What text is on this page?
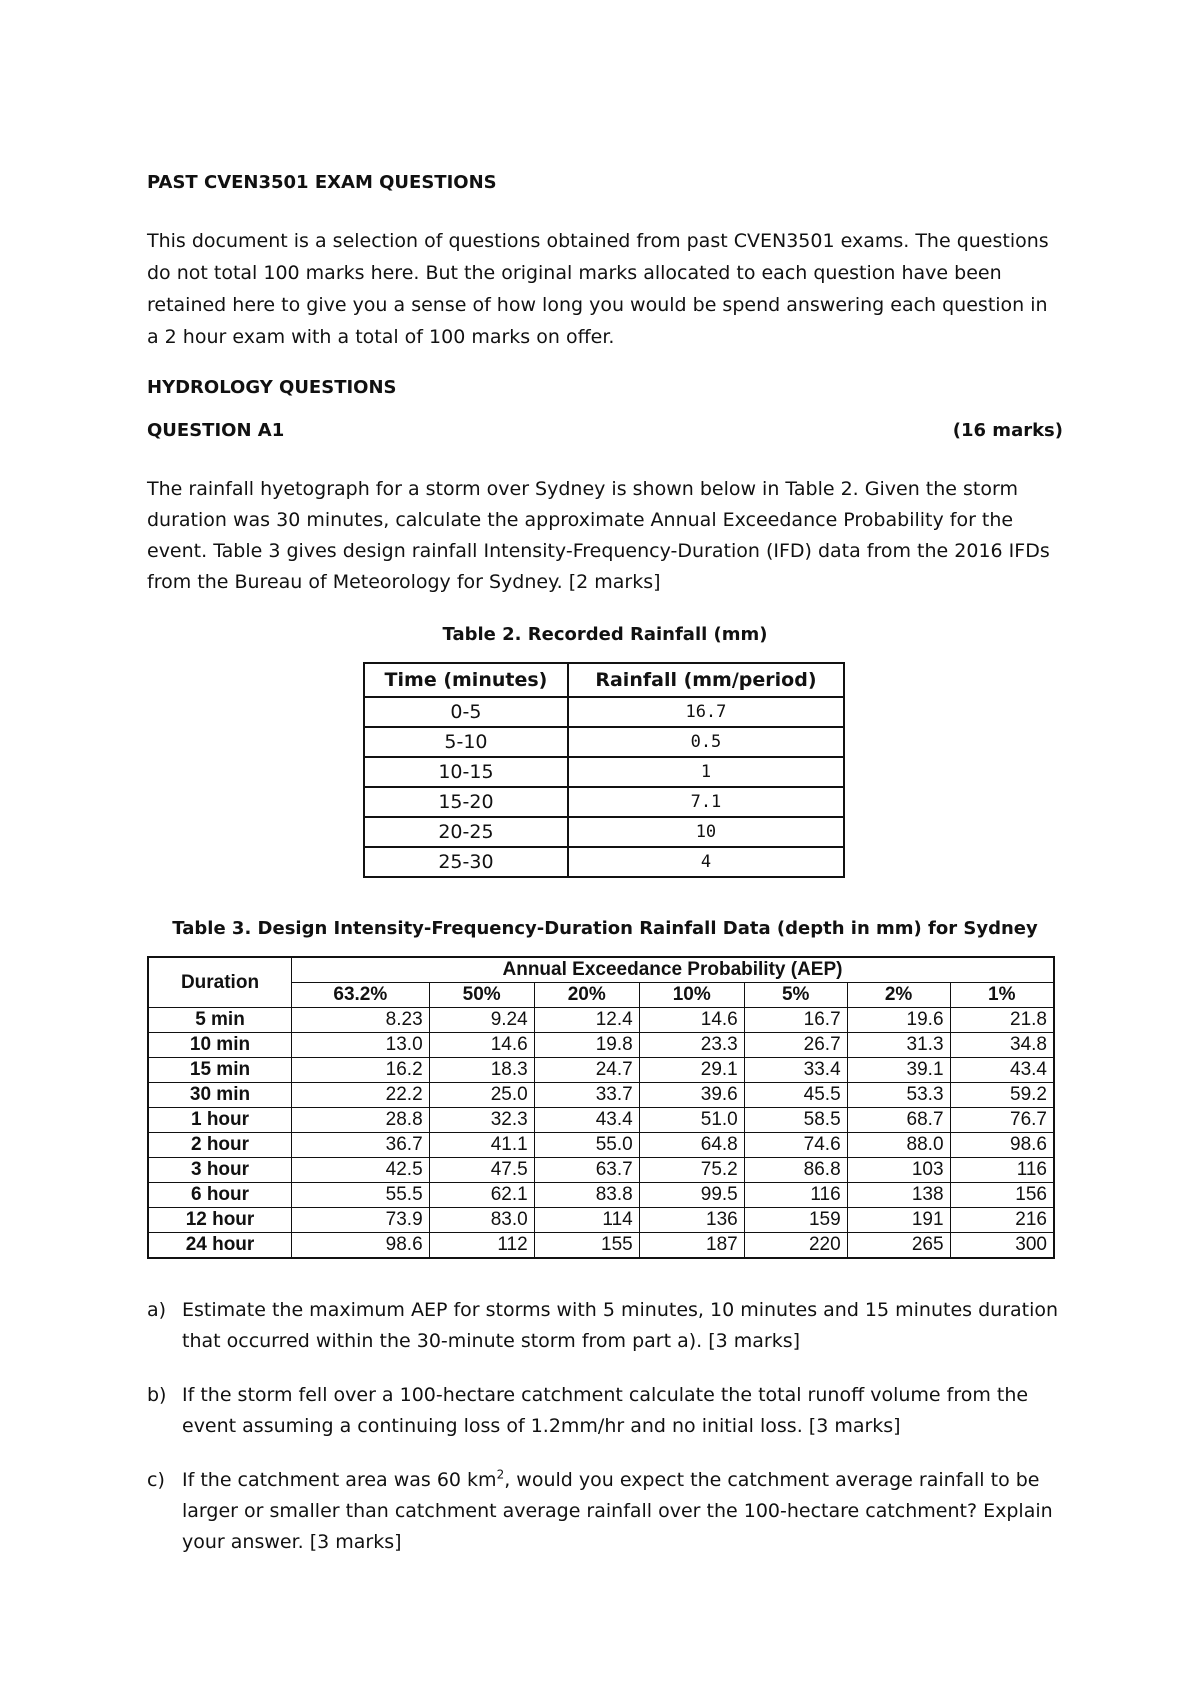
PAST CVEN3501 EXAM QUESTIONS
This document is a selection of questions obtained from past CVEN3501 exams. The questions do not total 100 marks here. But the original marks allocated to each question have been retained here to give you a sense of how long you would be spend answering each question in a 2 hour exam with a total of 100 marks on offer.
HYDROLOGY QUESTIONS
QUESTION A1	(16 marks)
The rainfall hyetograph for a storm over Sydney is shown below in Table 2. Given the storm duration was 30 minutes, calculate the approximate Annual Exceedance Probability for the event. Table 3 gives design rainfall Intensity-Frequency-Duration (IFD) data from the 2016 IFDs from the Bureau of Meteorology for Sydney. [2 marks]
Table 2. Recorded Rainfall (mm)
Time (minutes)	Rainfall (mm/period)
0-5	16.7
5-10	0.5
10-15	1
15-20	7.1
20-25	10
25-30	4
Table 3. Design Intensity-Frequency-Duration Rainfall Data (depth in mm) for Sydney
Duration	Annual Exceedance Probability (AEP)						
	63.2%	50%	20%	10%	5%	2%	1%
5 min	8.23	9.24	12.4	14.6	16.7	19.6	21.8
10 min	13.0	14.6	19.8	23.3	26.7	31.3	34.8
15 min	16.2	18.3	24.7	29.1	33.4	39.1	43.4
30 min	22.2	25.0	33.7	39.6	45.5	53.3	59.2
1 hour	28.8	32.3	43.4	51.0	58.5	68.7	76.7
2 hour	36.7	41.1	55.0	64.8	74.6	88.0	98.6
3 hour	42.5	47.5	63.7	75.2	86.8	103	116
6 hour	55.5	62.1	83.8	99.5	116	138	156
12 hour	73.9	83.0	114	136	159	191	216
24 hour	98.6	112	155	187	220	265	300
a) Estimate the maximum AEP for storms with 5 minutes, 10 minutes and 15 minutes duration that occurred within the 30-minute storm from part a). [3 marks]
b) If the storm fell over a 100-hectare catchment calculate the total runoff volume from the event assuming a continuing loss of 1.2mm/hr and no initial loss. [3 marks]
c) If the catchment area was 60 $km^2$, would you expect the catchment average rainfall to be larger or smaller than catchment average rainfall over the 100-hectare catchment? Explain your answer. [3 marks]
